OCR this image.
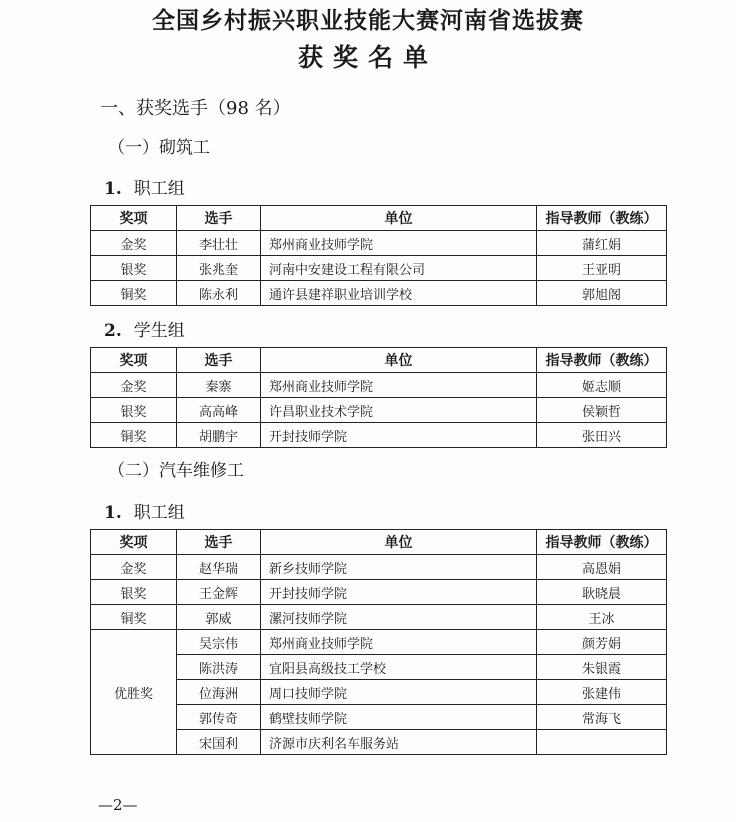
全国乡村振兴职业技能大赛河南省选拔赛
获奖名单
一、获奖选手（98 名）
（一）砌筑工
1. 职工组
奖项	选手	单位	指导教师（教练）
金奖	李壮壮	郑州商业技师学院	蒲红娟
银奖	张兆奎	河南中安建设工程有限公司	王亚明
铜奖	陈永利	通许县建祥职业培训学校	郭旭阁
2. 学生组
奖项	选手	单位	指导教师（教练）
金奖	秦寨	郑州商业技师学院	姬志顺
银奖	高高峰	许昌职业技术学院	侯颖哲
铜奖	胡鹏宇	开封技师学院	张田兴
（二）汽车维修工
1. 职工组
奖项	选手	单位	指导教师（教练）
金奖	赵华瑞	新乡技师学院	高恩娟
银奖	王金辉	开封技师学院	耿晓晨
铜奖	郭威	漯河技师学院	王冰
优胜奖	吴宗伟	郑州商业技师学院	颜芳娟
	陈洪涛	宜阳县高级技工学校	朱银霞
	位海洲	周口技师学院	张建伟
	郭传奇	鹤壁技师学院	常海飞
	宋国利	济源市庆利名车服务站	
—2—
